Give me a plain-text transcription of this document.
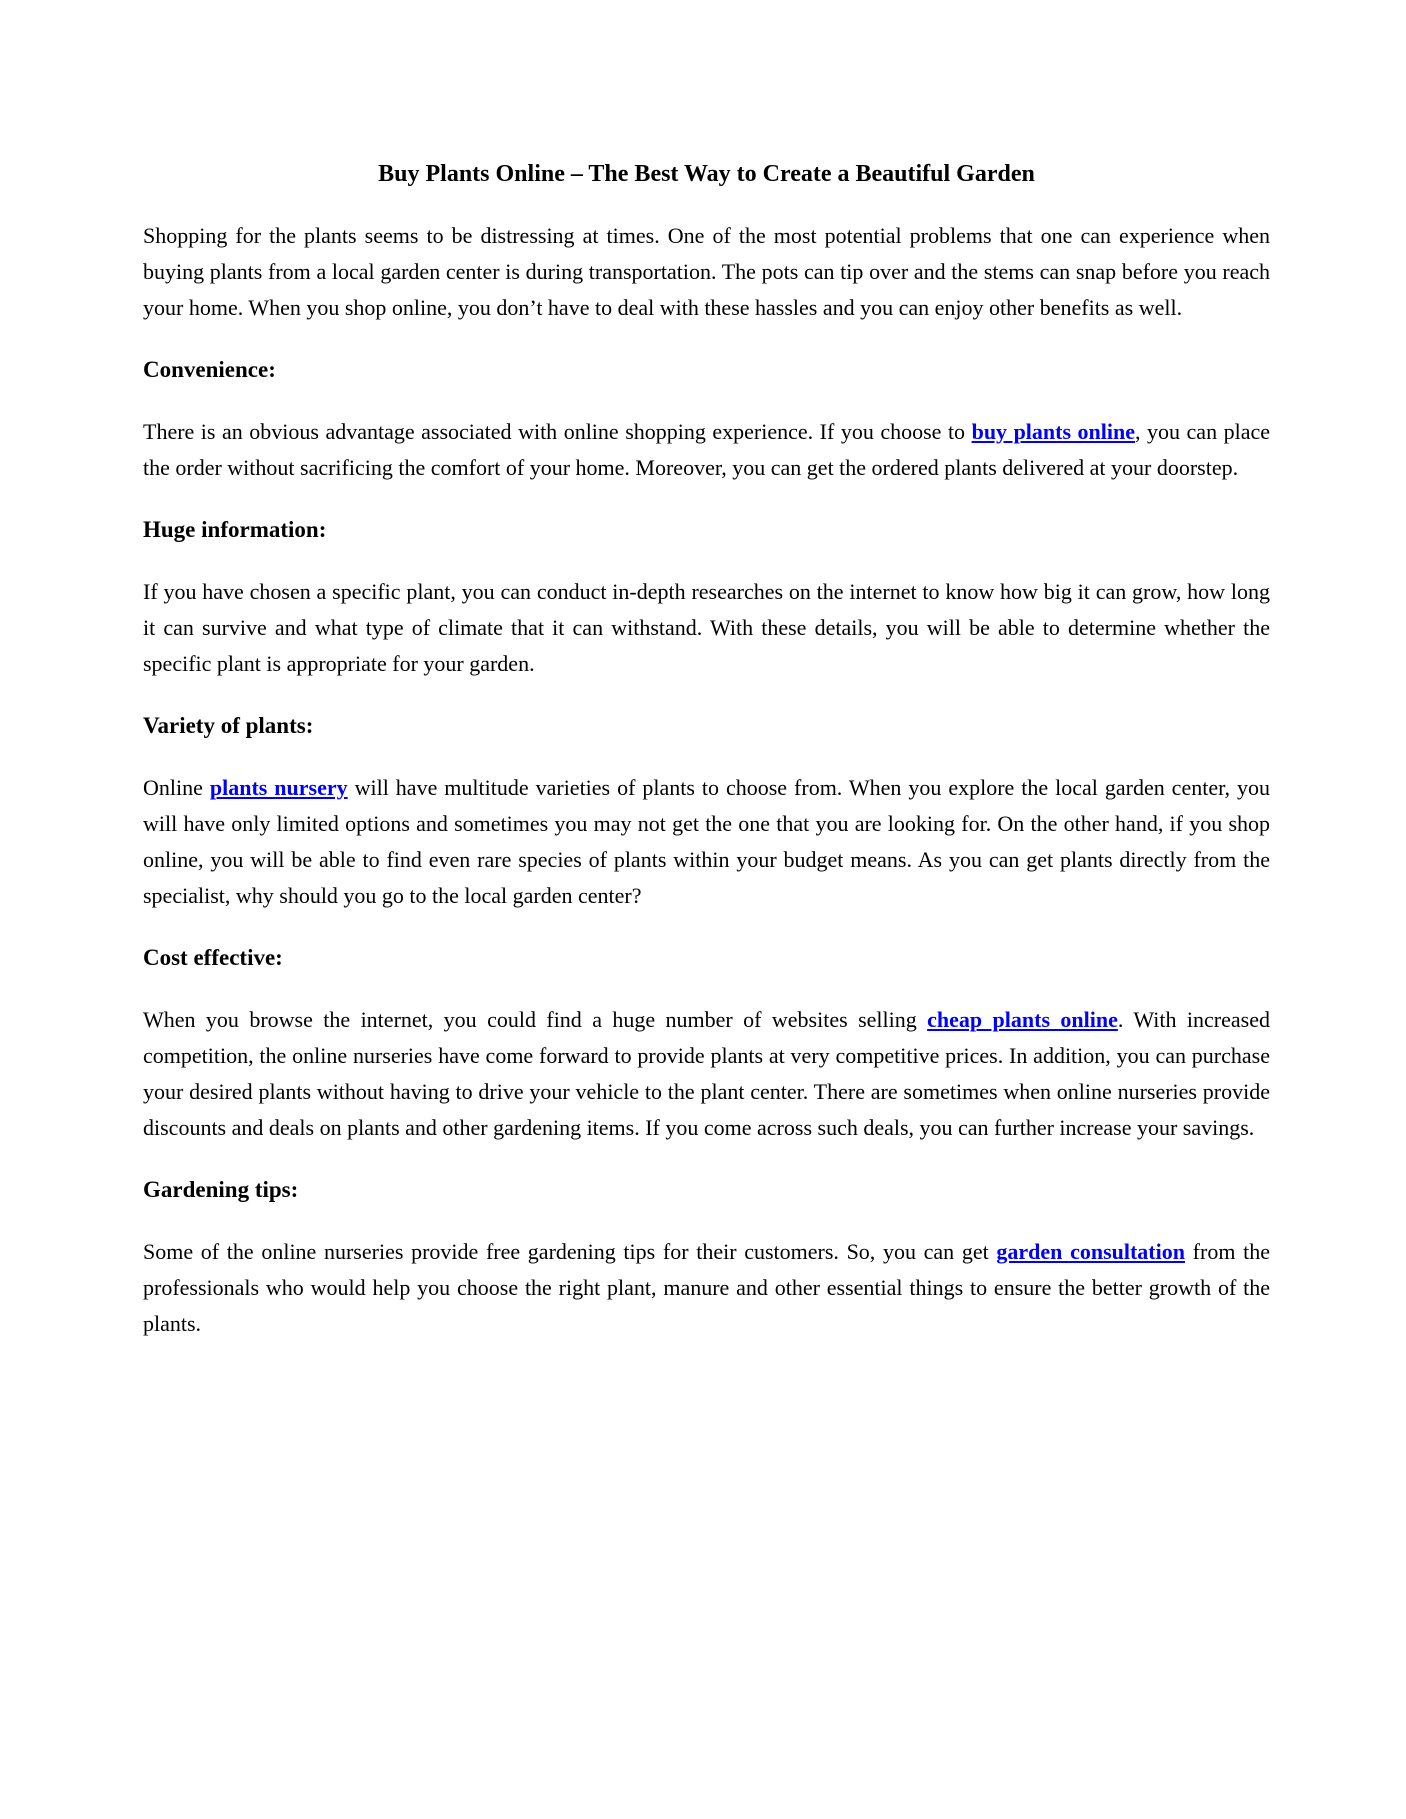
Buy Plants Online – The Best Way to Create a Beautiful Garden

Shopping for the plants seems to be distressing at times. One of the most potential problems that one can experience when buying plants from a local garden center is during transportation. The pots can tip over and the stems can snap before you reach your home. When you shop online, you don’t have to deal with these hassles and you can enjoy other benefits as well.

Convenience:

There is an obvious advantage associated with online shopping experience. If you choose to buy plants online, you can place the order without sacrificing the comfort of your home. Moreover, you can get the ordered plants delivered at your doorstep.

Huge information:

If you have chosen a specific plant, you can conduct in-depth researches on the internet to know how big it can grow, how long it can survive and what type of climate that it can withstand. With these details, you will be able to determine whether the specific plant is appropriate for your garden.

Variety of plants:

Online plants nursery will have multitude varieties of plants to choose from. When you explore the local garden center, you will have only limited options and sometimes you may not get the one that you are looking for. On the other hand, if you shop online, you will be able to find even rare species of plants within your budget means. As you can get plants directly from the specialist, why should you go to the local garden center?

Cost effective:

When you browse the internet, you could find a huge number of websites selling cheap plants online. With increased competition, the online nurseries have come forward to provide plants at very competitive prices. In addition, you can purchase your desired plants without having to drive your vehicle to the plant center. There are sometimes when online nurseries provide discounts and deals on plants and other gardening items. If you come across such deals, you can further increase your savings.

Gardening tips:

Some of the online nurseries provide free gardening tips for their customers. So, you can get garden consultation from the professionals who would help you choose the right plant, manure and other essential things to ensure the better growth of the plants.
